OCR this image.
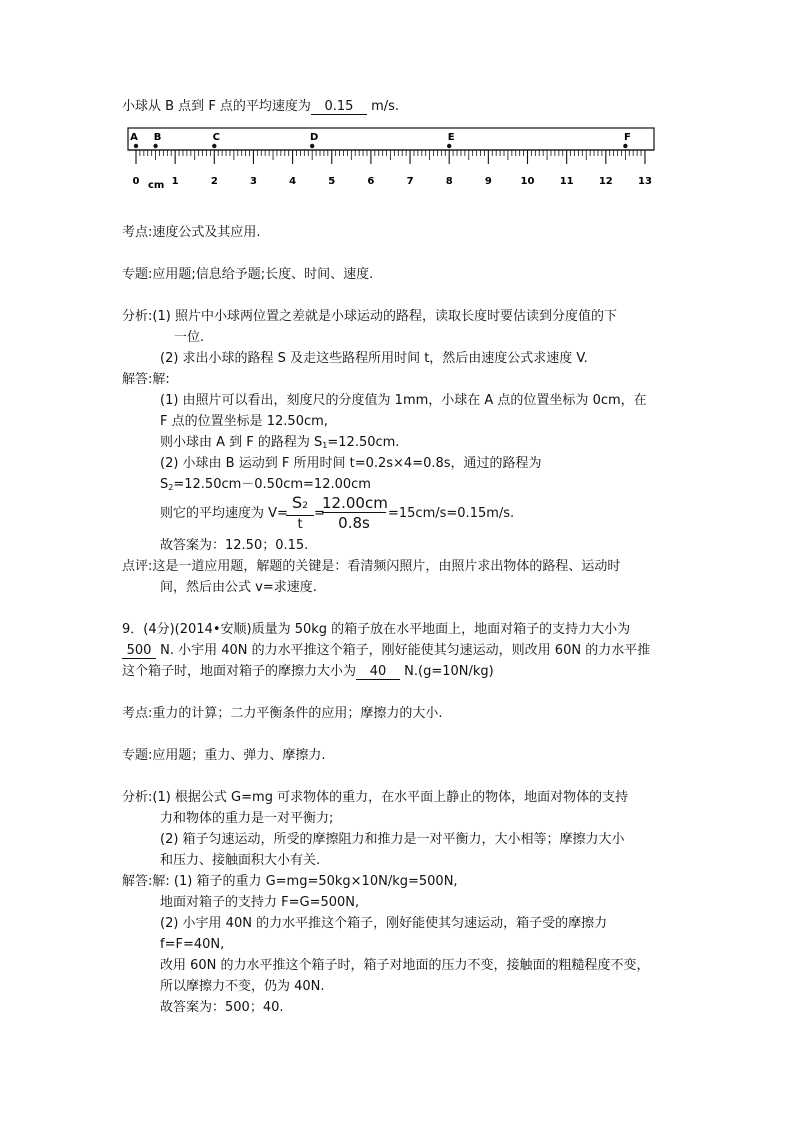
小球从 B 点到 F 点的平均速度为 0.15 m/s.
A B	C	D	E	F
0	1	2	3	4	5	6	7	8	9	10	11	12	13
cm
考点:速度公式及其应用.
专题:应用题;信息给予题;长度、时间、速度.
分析:(1) 照片中小球两位置之差就是小球运动的路程，读取长度时要估读到分度值的下
一位.
(2) 求出小球的路程 S 及走这些路程所用时间 t，然后由速度公式求速度 V.
解答:解:
(1) 由照片可以看出，刻度尺的分度值为 1mm，小球在 A 点的位置坐标为 0cm，在
F 点的位置坐标是 12.50cm,
则小球由 A 到 F 的路程为 $S_1=12.50cm$.
(2) 小球由 B 运动到 F 所用时间 t=0.2s×4=0.8s，通过的路程为
$S_2=12.50cm-0.50cm=12.00cm$
则它的平均速度为 V=
S2
t
=
$\frac{12.00cm}{0.8s} =15cm/s=0.15m/s$.
故答案为：12.50；0.15.
点评:这是一道应用题，解题的关键是：看清频闪照片，由照片求出物体的路程、运动时
间，然后由公式 v=求速度.
9．(4分)(2014•安顺)质量为 50kg 的箱子放在水平地面上，地面对箱子的支持力大小为
500 N. 小宇用 40N 的力水平推这个箱子，刚好能使其匀速运动，则改用 60N 的力水平推
这个箱子时，地面对箱子的摩擦力大小为 40 N.(g=10N/kg)
考点:重力的计算；二力平衡条件的应用；摩擦力的大小.
专题:应用题；重力、弹力、摩擦力.
分析:(1) 根据公式 G=mg 可求物体的重力，在水平面上静止的物体，地面对物体的支持
力和物体的重力是一对平衡力;
(2) 箱子匀速运动，所受的摩擦阻力和推力是一对平衡力，大小相等；摩擦力大小
和压力、接触面积大小有关.
解答:解: (1) 箱子的重力 G=mg=50kg×10N/kg=500N,
地面对箱子的支持力 F=G=500N,
(2) 小宇用 40N 的力水平推这个箱子，刚好能使其匀速运动，箱子受的摩擦力
f=F=40N,
改用 60N 的力水平推这个箱子时，箱子对地面的压力不变，接触面的粗糙程度不变，
所以摩擦力不变，仍为 40N.
故答案为：500；40.
